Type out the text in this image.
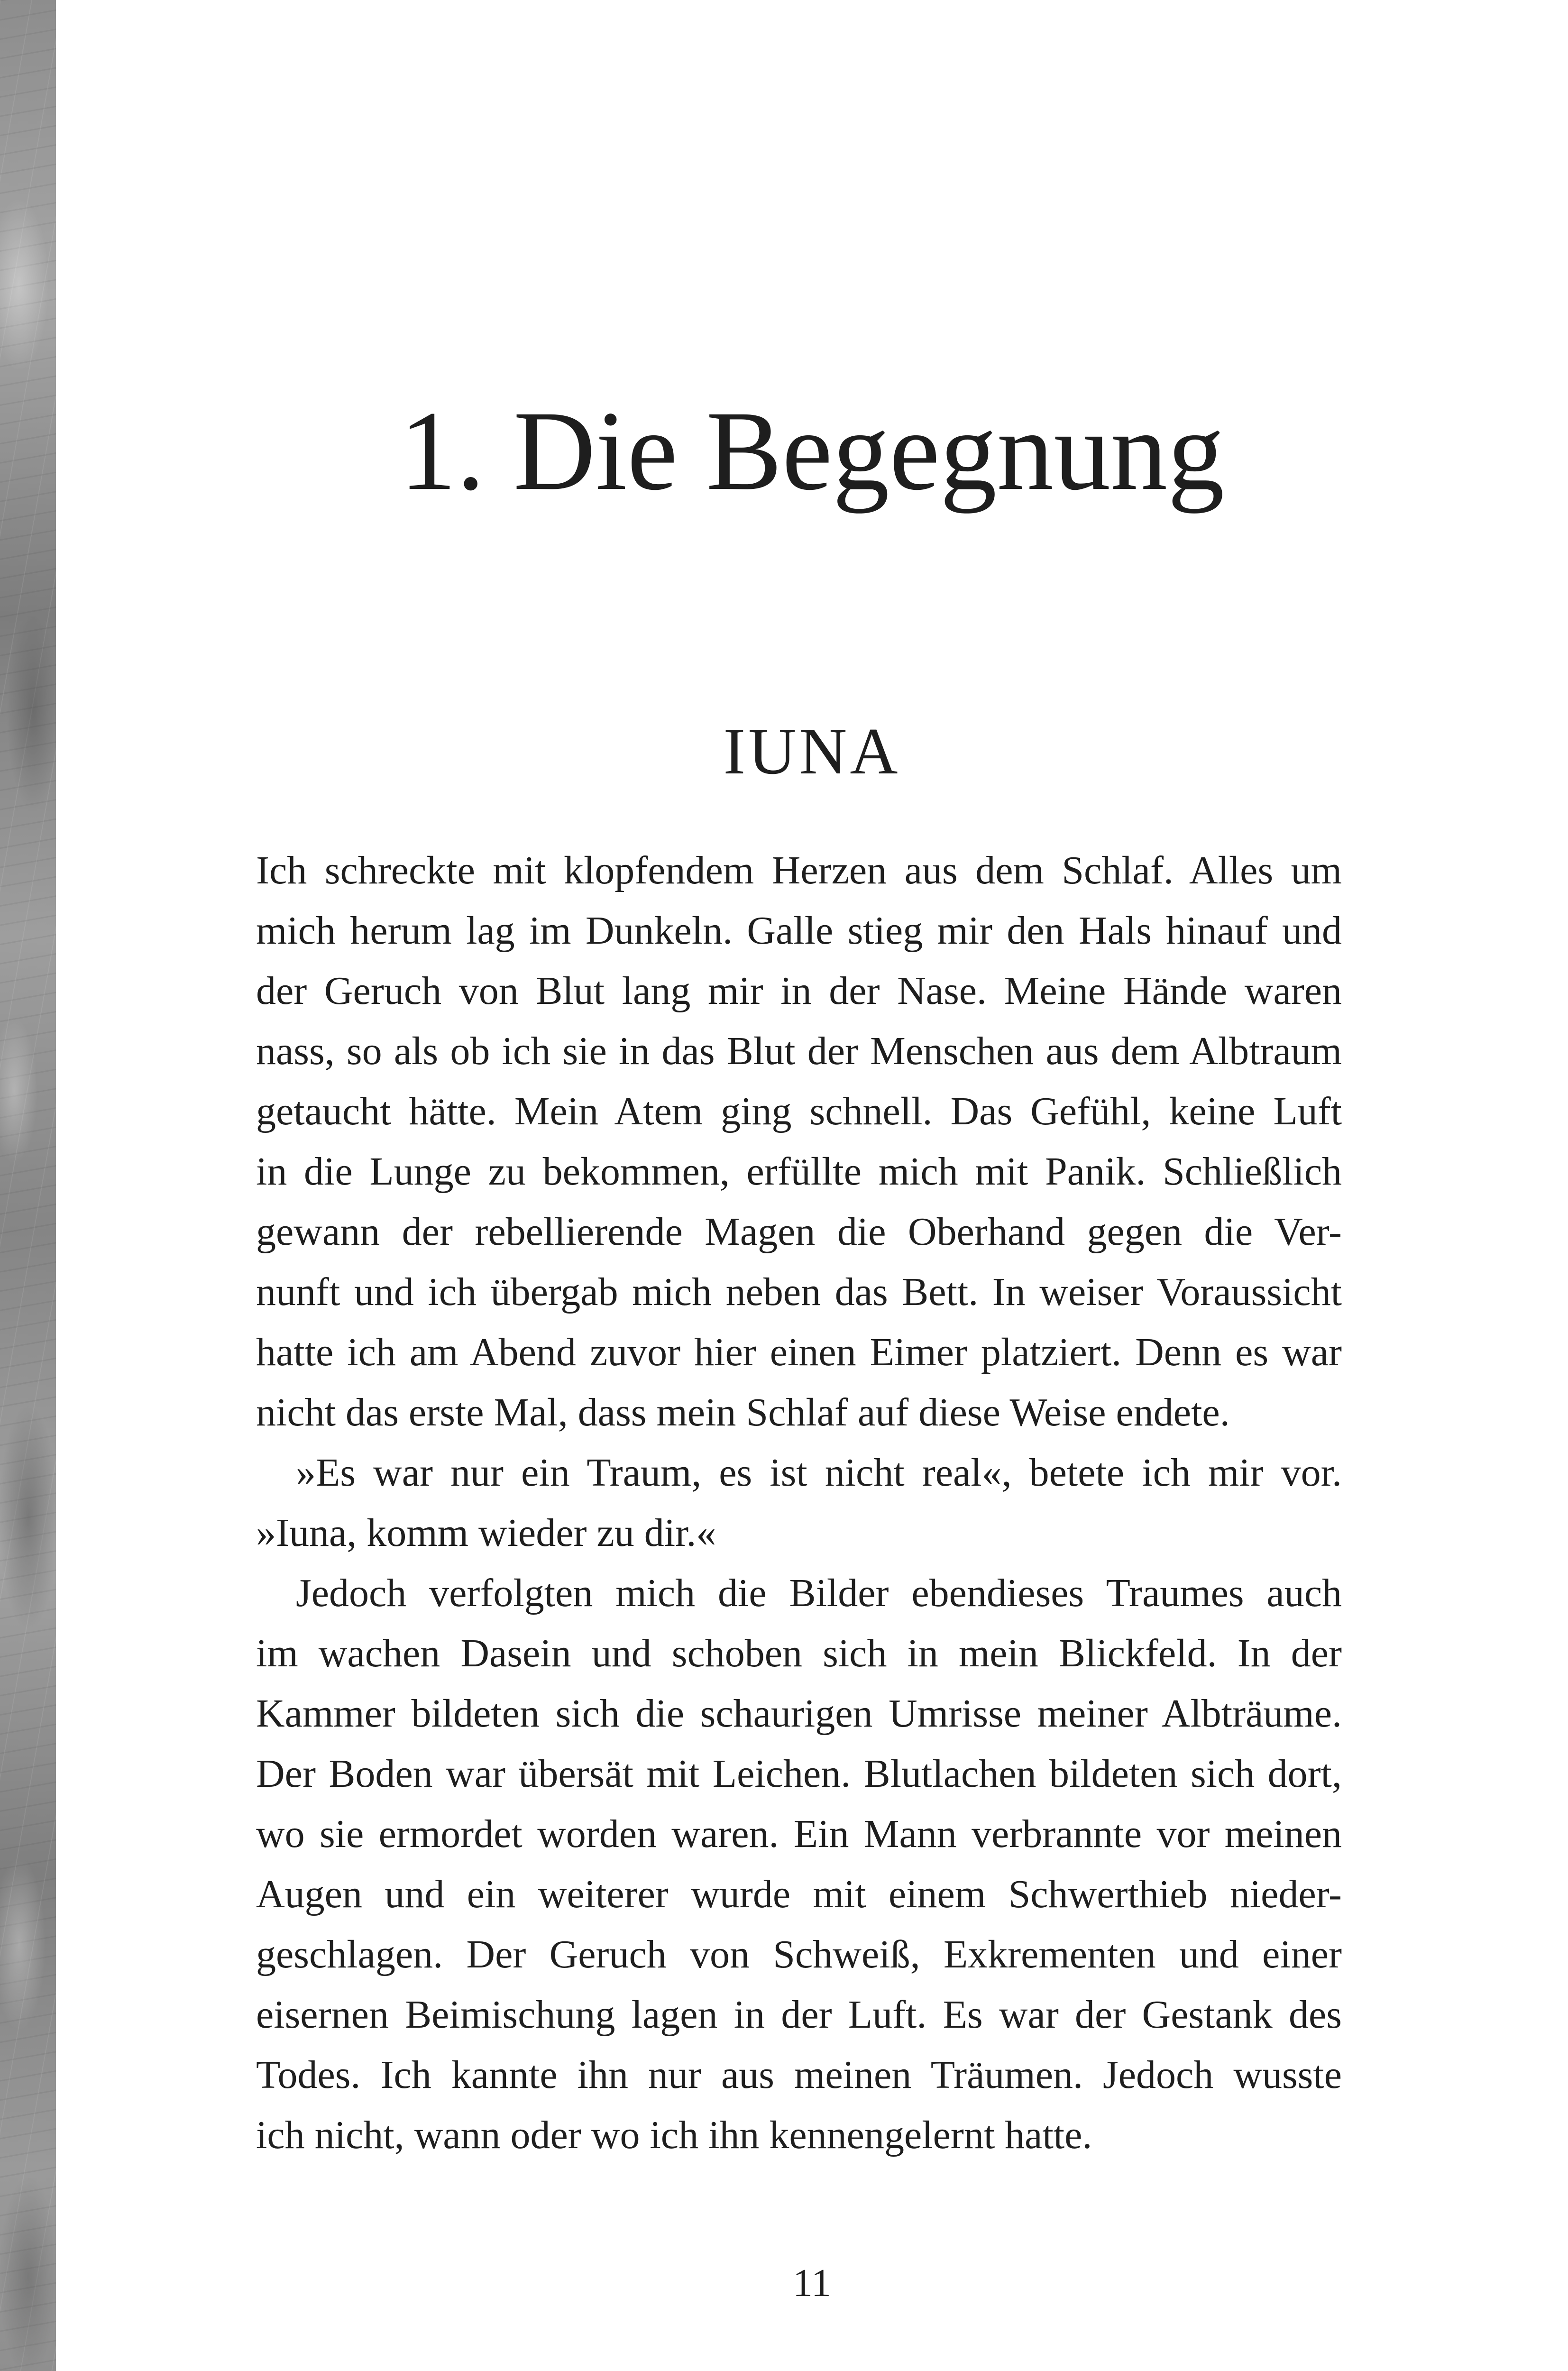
1. Die Begegnung
IUNA
Ich schreckte mit klopfendem Herzen aus dem Schlaf. Alles um
mich herum lag im Dunkeln. Galle stieg mir den Hals hinauf und
der Geruch von Blut lang mir in der Nase. Meine Hände waren
nass, so als ob ich sie in das Blut der Menschen aus dem Albtraum
getaucht hätte. Mein Atem ging schnell. Das Gefühl, keine Luft
in die Lunge zu bekommen, erfüllte mich mit Panik. Schließlich
gewann der rebellierende Magen die Oberhand gegen die Ver-
nunft und ich übergab mich neben das Bett. In weiser Voraussicht
hatte ich am Abend zuvor hier einen Eimer platziert. Denn es war
nicht das erste Mal, dass mein Schlaf auf diese Weise endete.
»Es war nur ein Traum, es ist nicht real«, betete ich mir vor.
»Iuna, komm wieder zu dir.«
Jedoch verfolgten mich die Bilder ebendieses Traumes auch
im wachen Dasein und schoben sich in mein Blickfeld. In der
Kammer bildeten sich die schaurigen Umrisse meiner Albträume.
Der Boden war übersät mit Leichen. Blutlachen bildeten sich dort,
wo sie ermordet worden waren. Ein Mann verbrannte vor meinen
Augen und ein weiterer wurde mit einem Schwerthieb nieder-
geschlagen. Der Geruch von Schweiß, Exkrementen und einer
eisernen Beimischung lagen in der Luft. Es war der Gestank des
Todes. Ich kannte ihn nur aus meinen Träumen. Jedoch wusste
ich nicht, wann oder wo ich ihn kennengelernt hatte.
11
